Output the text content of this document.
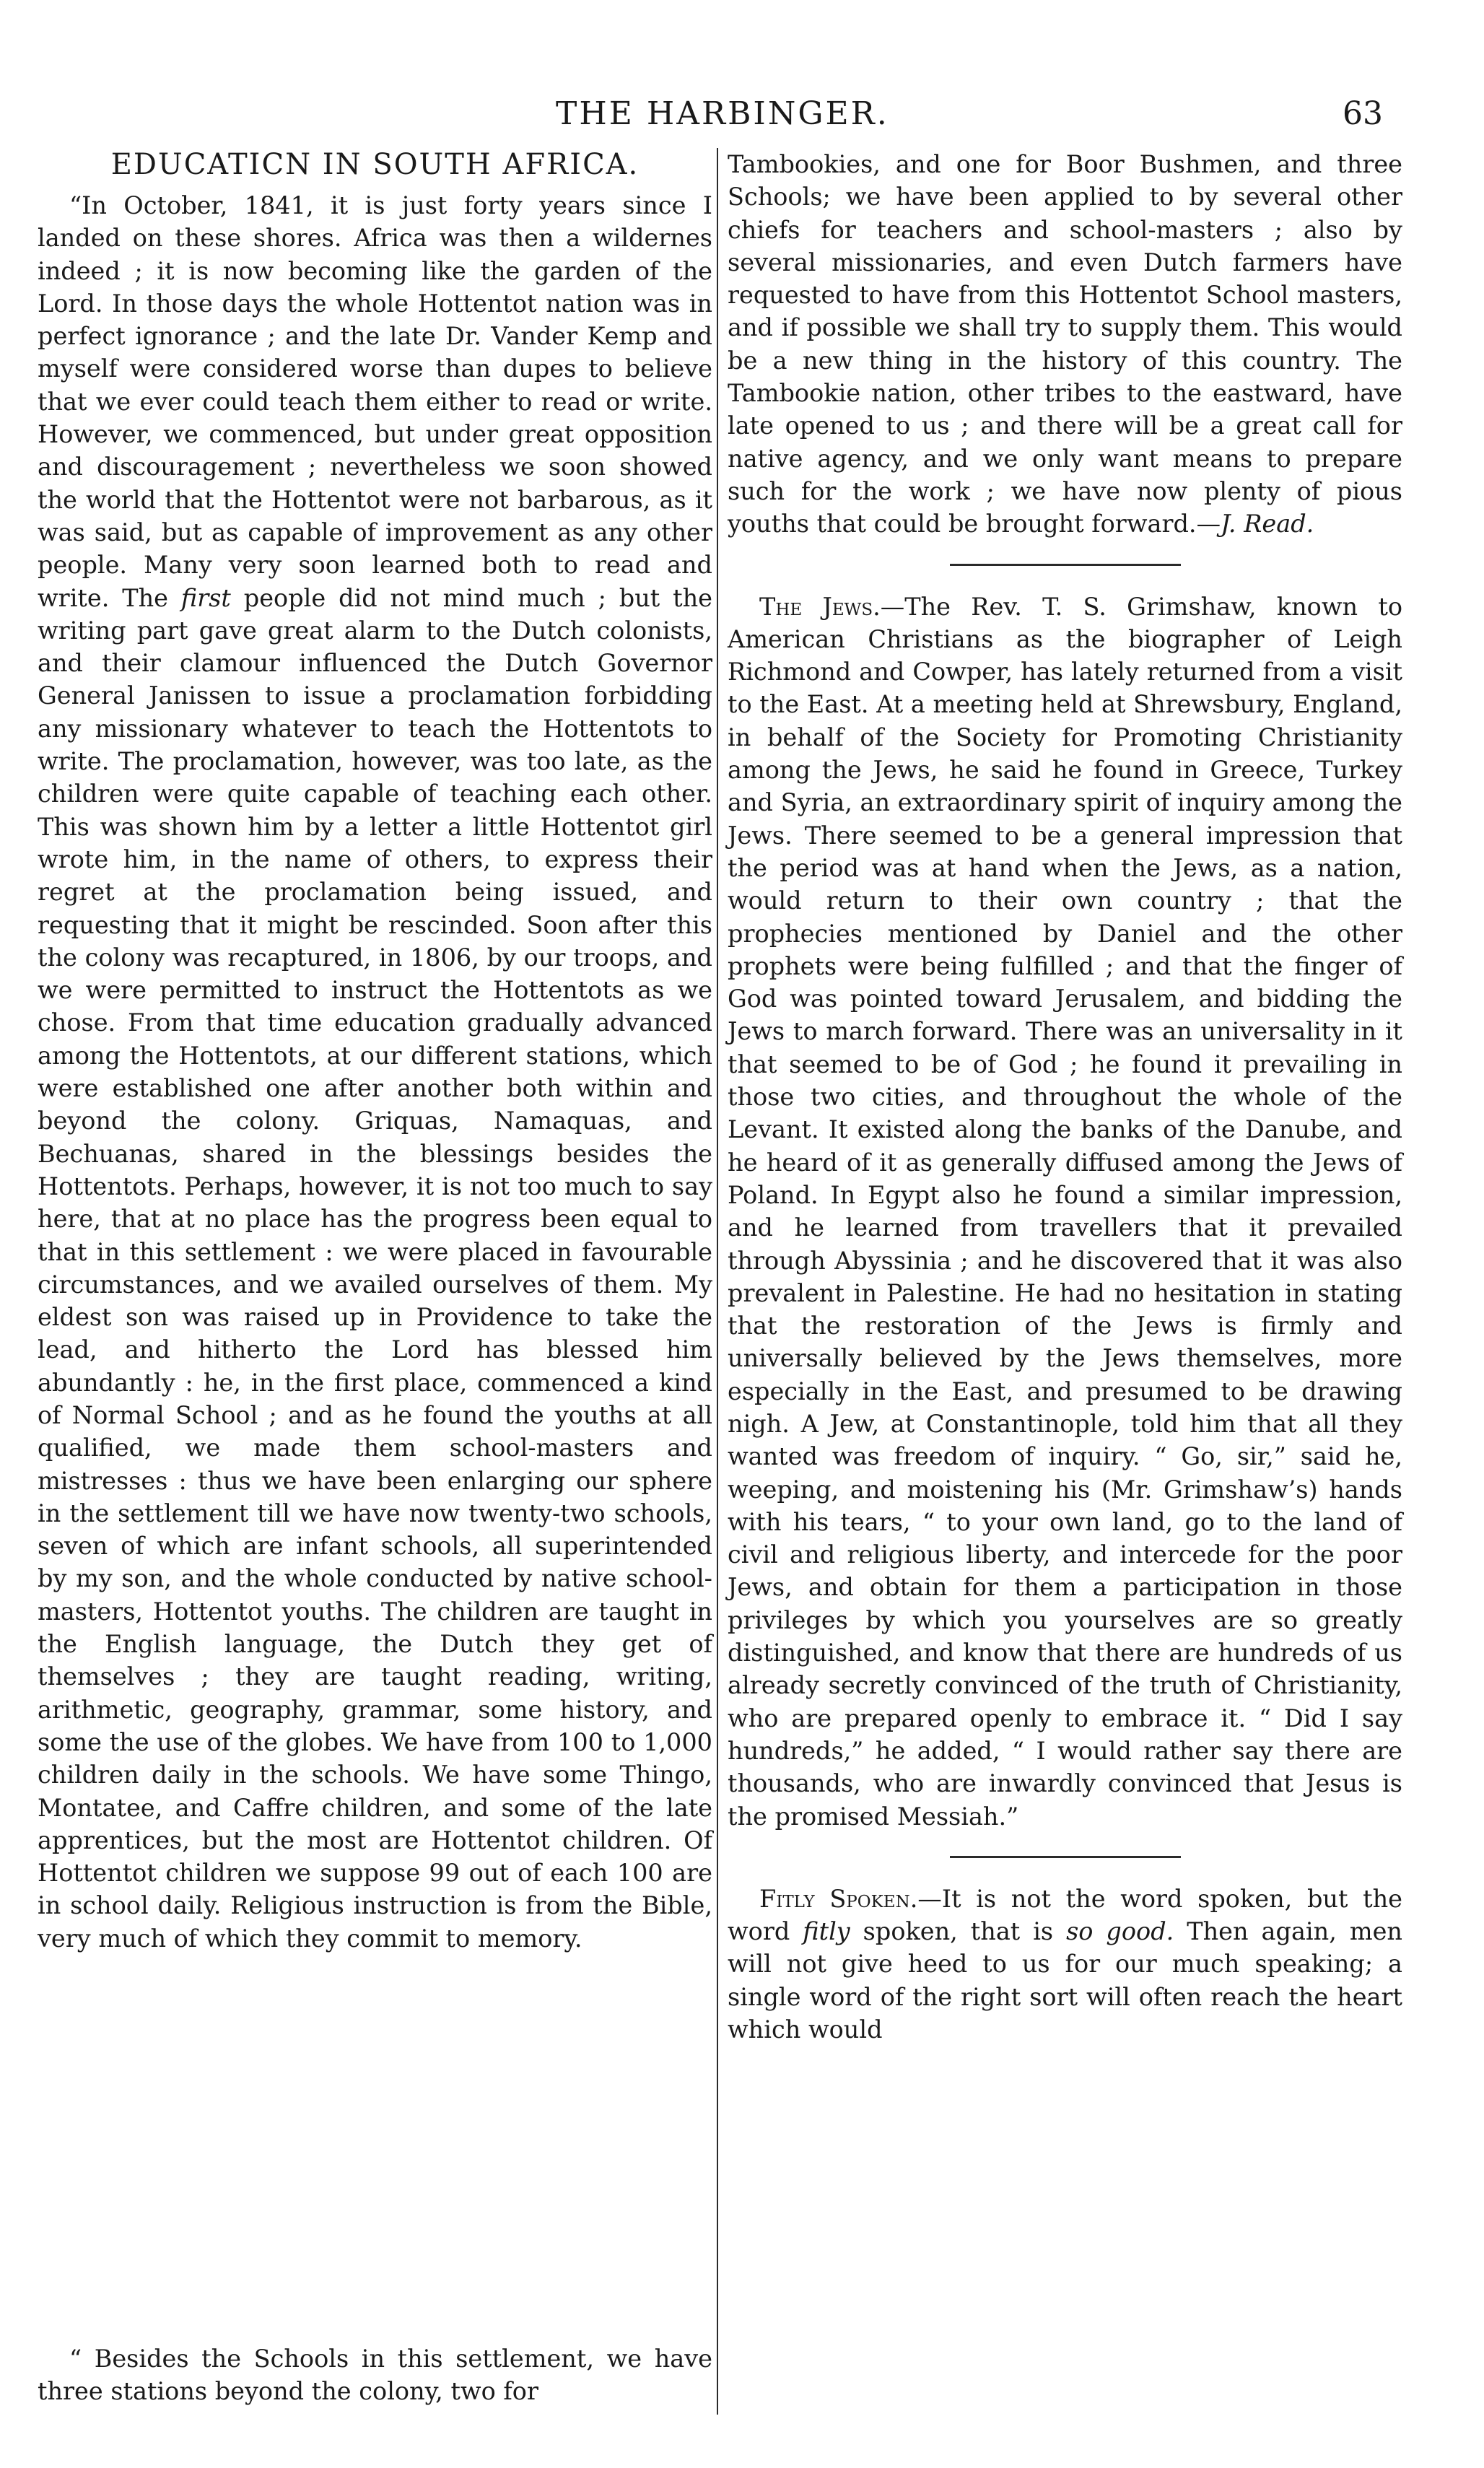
THE HARBINGER.	63
EDUCATICN IN SOUTH AFRICA.

“In October, 1841, it is just forty years since I landed on these shores. Africa was then a wildernes indeed ; it is now becoming like the garden of the Lord. In those days the whole Hottentot nation was in perfect ignorance ; and the late Dr. Vander Kemp and myself were considered worse than dupes to believe that we ever could teach them either to read or write. However, we commenced, but under great opposition and discouragement ; nevertheless we soon showed the world that the Hottentot were not barbarous, as it was said, but as capable of improvement as any other people. Many very soon learned both to read and write. The first people did not mind much ; but the writing part gave great alarm to the Dutch colonists, and their clamour influenced the Dutch Governor General Janissen to issue a proclamation forbidding any missionary whatever to teach the Hottentots to write. The proclamation, however, was too late, as the children were quite capable of teaching each other. This was shown him by a letter a little Hottentot girl wrote him, in the name of others, to express their regret at the proclamation being issued, and requesting that it might be rescinded. Soon after this the colony was recaptured, in 1806, by our troops, and we were permitted to instruct the Hottentots as we chose. From that time education gradually advanced among the Hottentots, at our different stations, which were established one after another both within and beyond the colony. Griquas, Namaquas, and Bechuanas, shared in the blessings besides the Hottentots. Perhaps, however, it is not too much to say here, that at no place has the progress been equal to that in this settlement : we were placed in favourable circumstances, and we availed ourselves of them. My eldest son was raised up in Providence to take the lead, and hitherto the Lord has blessed him abundantly : he, in the first place, commenced a kind of Normal School ; and as he found the youths at all qualified, we made them school-masters and mistresses : thus we have been enlarging our sphere in the settlement till we have now twenty-two schools, seven of which are infant schools, all superintended by my son, and the whole conducted by native school-masters, Hottentot youths. The children are taught in the English language, the Dutch they get of themselves ; they are taught reading, writing, arithmetic, geography, grammar, some history, and some the use of the globes. We have from 100 to 1,000 children daily in the schools. We have some Thingo, Montatee, and Caffre children, and some of the late apprentices, but the most are Hottentot children. Of Hottentot children we suppose 99 out of each 100 are in school daily. Religious instruction is from the Bible, very much of which they commit to memory.

“ Besides the Schools in this settlement, we have three stations beyond the colony, two for

Tambookies, and one for Boor Bushmen, and three Schools; we have been applied to by several other chiefs for teachers and school-masters ; also by several missionaries, and even Dutch farmers have requested to have from this Hottentot School masters, and if possible we shall try to supply them. This would be a new thing in the history of this country. The Tambookie nation, other tribes to the eastward, have late opened to us ; and there will be a great call for native agency, and we only want means to prepare such for the work ; we have now plenty of pious youths that could be brought forward.—J. Read.

The Jews.—The Rev. T. S. Grimshaw, known to American Christians as the biographer of Leigh Richmond and Cowper, has lately returned from a visit to the East. At a meeting held at Shrewsbury, England, in behalf of the Society for Promoting Christianity among the Jews, he said he found in Greece, Turkey and Syria, an extraordinary spirit of inquiry among the Jews. There seemed to be a general impression that the period was at hand when the Jews, as a nation, would return to their own country ; that the prophecies mentioned by Daniel and the other prophets were being fulfilled ; and that the finger of God was pointed toward Jerusalem, and bidding the Jews to march forward. There was an universality in it that seemed to be of God ; he found it prevailing in those two cities, and throughout the whole of the Levant. It existed along the banks of the Danube, and he heard of it as generally diffused among the Jews of Poland. In Egypt also he found a similar impression, and he learned from travellers that it prevailed through Abyssinia ; and he discovered that it was also prevalent in Palestine. He had no hesitation in stating that the restoration of the Jews is firmly and universally believed by the Jews themselves, more especially in the East, and presumed to be drawing nigh. A Jew, at Constantinople, told him that all they wanted was freedom of inquiry. “ Go, sir,” said he, weeping, and moistening his (Mr. Grimshaw’s) hands with his tears, “ to your own land, go to the land of civil and religious liberty, and intercede for the poor Jews, and obtain for them a participation in those privileges by which you yourselves are so greatly distinguished, and know that there are hundreds of us already secretly convinced of the truth of Christianity, who are prepared openly to embrace it. “ Did I say hundreds,” he added, “ I would rather say there are thousands, who are inwardly convinced that Jesus is the promised Messiah.”

Fitly Spoken.—It is not the word spoken, but the word fitly spoken, that is so good. Then again, men will not give heed to us for our much speaking; a single word of the right sort will often reach the heart which would
